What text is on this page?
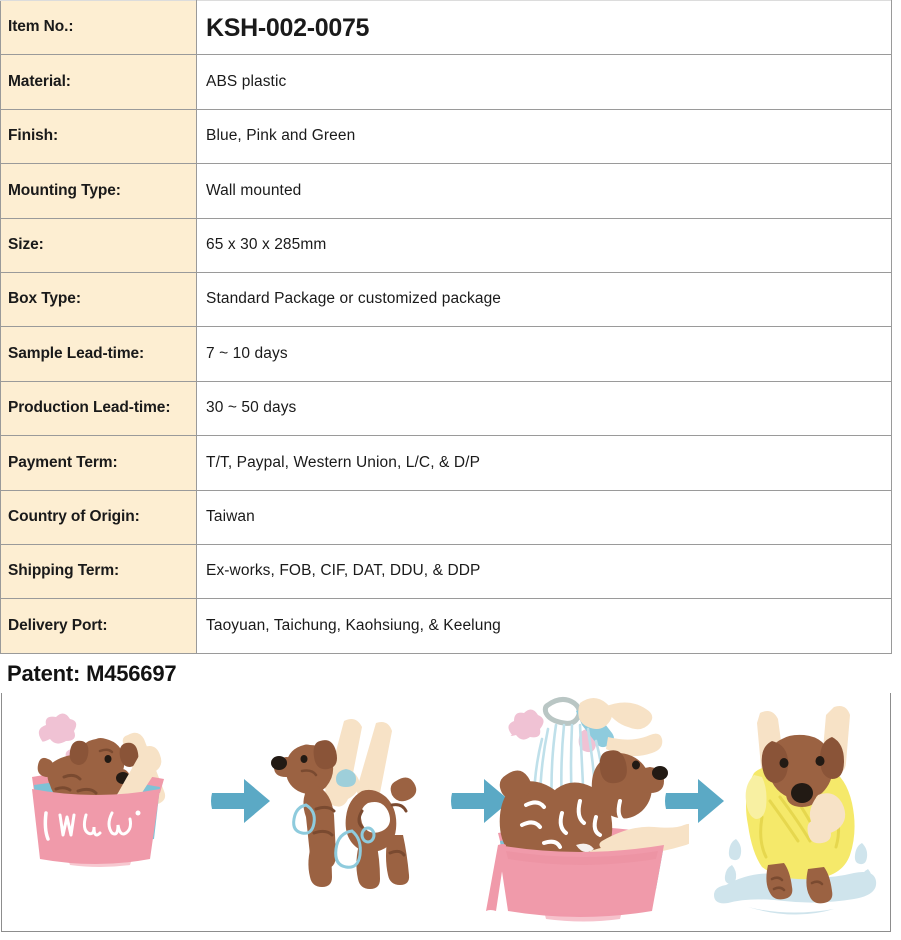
Item No.:	KSH-002-0075
Material:	ABS plastic
Finish:	Blue, Pink and Green
Mounting Type:	Wall mounted
Size:	65 x 30 x 285mm
Box Type:	Standard Package or customized package
Sample Lead-time:	7 ~ 10 days
Production Lead-time:	30 ~ 50 days
Payment Term:	T/T, Paypal, Western Union, L/C, & D/P
Country of Origin:	Taiwan
Shipping Term:	Ex-works, FOB, CIF, DAT, DDU, & DDP
Delivery Port:	Taoyuan, Taichung, Kaohsiung, & Keelung
Patent: M456697
